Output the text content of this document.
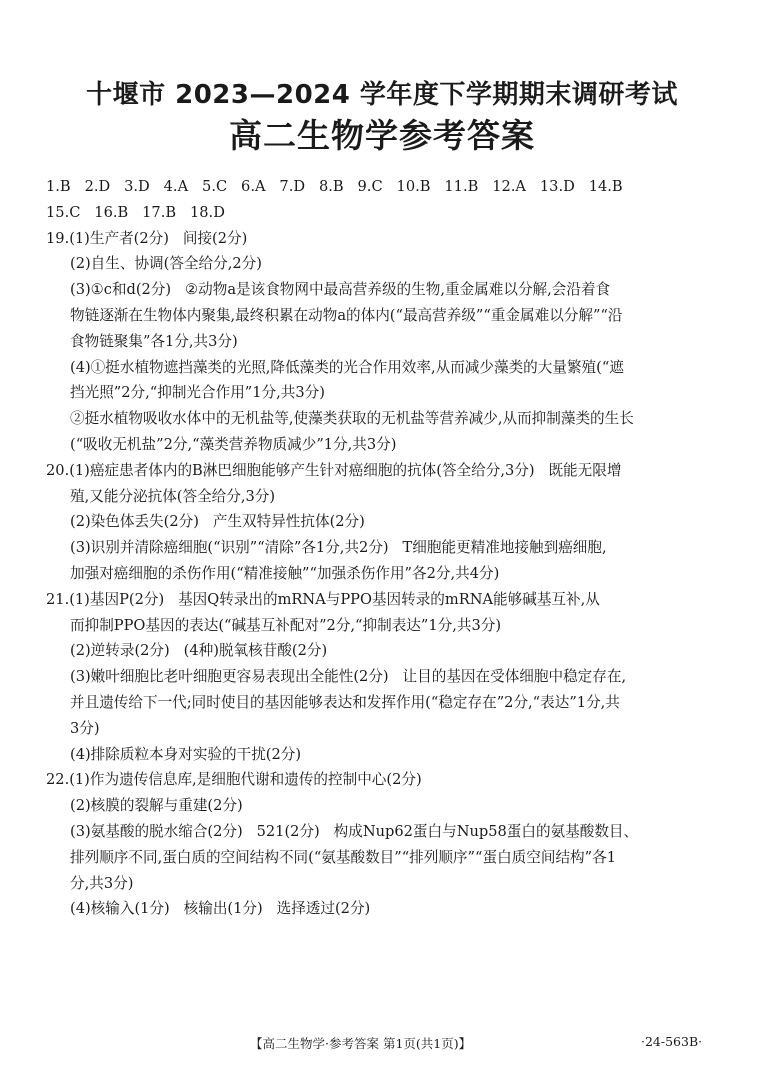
十堰市 2023—2024 学年度下学期期末调研考试
高二生物学参考答案
1.B   2.D   3.D   4.A   5.C   6.A   7.D   8.B   9.C   10.B   11.B   12.A   13.D   14.B
15.C   16.B   17.B   18.D
19.(1)生产者(2分)   间接(2分)
(2)自生、协调(答全给分,2分)
(3)①c和d(2分)   ②动物a是该食物网中最高营养级的生物,重金属难以分解,会沿着食
物链逐渐在生物体内聚集,最终积累在动物a的体内(“最高营养级”“重金属难以分解”“沿
食物链聚集”各1分,共3分)
(4)①挺水植物遮挡藻类的光照,降低藻类的光合作用效率,从而减少藻类的大量繁殖(“遮
挡光照”2分,“抑制光合作用”1分,共3分)
②挺水植物吸收水体中的无机盐等,使藻类获取的无机盐等营养减少,从而抑制藻类的生长
(“吸收无机盐”2分,“藻类营养物质减少”1分,共3分)
20.(1)癌症患者体内的B淋巴细胞能够产生针对癌细胞的抗体(答全给分,3分)   既能无限增
殖,又能分泌抗体(答全给分,3分)
(2)染色体丢失(2分)   产生双特异性抗体(2分)
(3)识别并清除癌细胞(“识别”“清除”各1分,共2分)   T细胞能更精准地接触到癌细胞,
加强对癌细胞的杀伤作用(“精准接触”“加强杀伤作用”各2分,共4分)
21.(1)基因P(2分)   基因Q转录出的mRNA与PPO基因转录的mRNA能够碱基互补,从
而抑制PPO基因的表达(“碱基互补配对”2分,“抑制表达”1分,共3分)
(2)逆转录(2分)   (4种)脱氧核苷酸(2分)
(3)嫩叶细胞比老叶细胞更容易表现出全能性(2分)   让目的基因在受体细胞中稳定存在,
并且遗传给下一代;同时使目的基因能够表达和发挥作用(“稳定存在”2分,“表达”1分,共
3分)
(4)排除质粒本身对实验的干扰(2分)
22.(1)作为遗传信息库,是细胞代谢和遗传的控制中心(2分)
(2)核膜的裂解与重建(2分)
(3)氨基酸的脱水缩合(2分)   521(2分)   构成Nup62蛋白与Nup58蛋白的氨基酸数目、
排列顺序不同,蛋白质的空间结构不同(“氨基酸数目”“排列顺序”“蛋白质空间结构”各1
分,共3分)
(4)核输入(1分)   核输出(1分)   选择透过(2分)
【高二生物学·参考答案 第1页(共1页)】	·24-563B·
